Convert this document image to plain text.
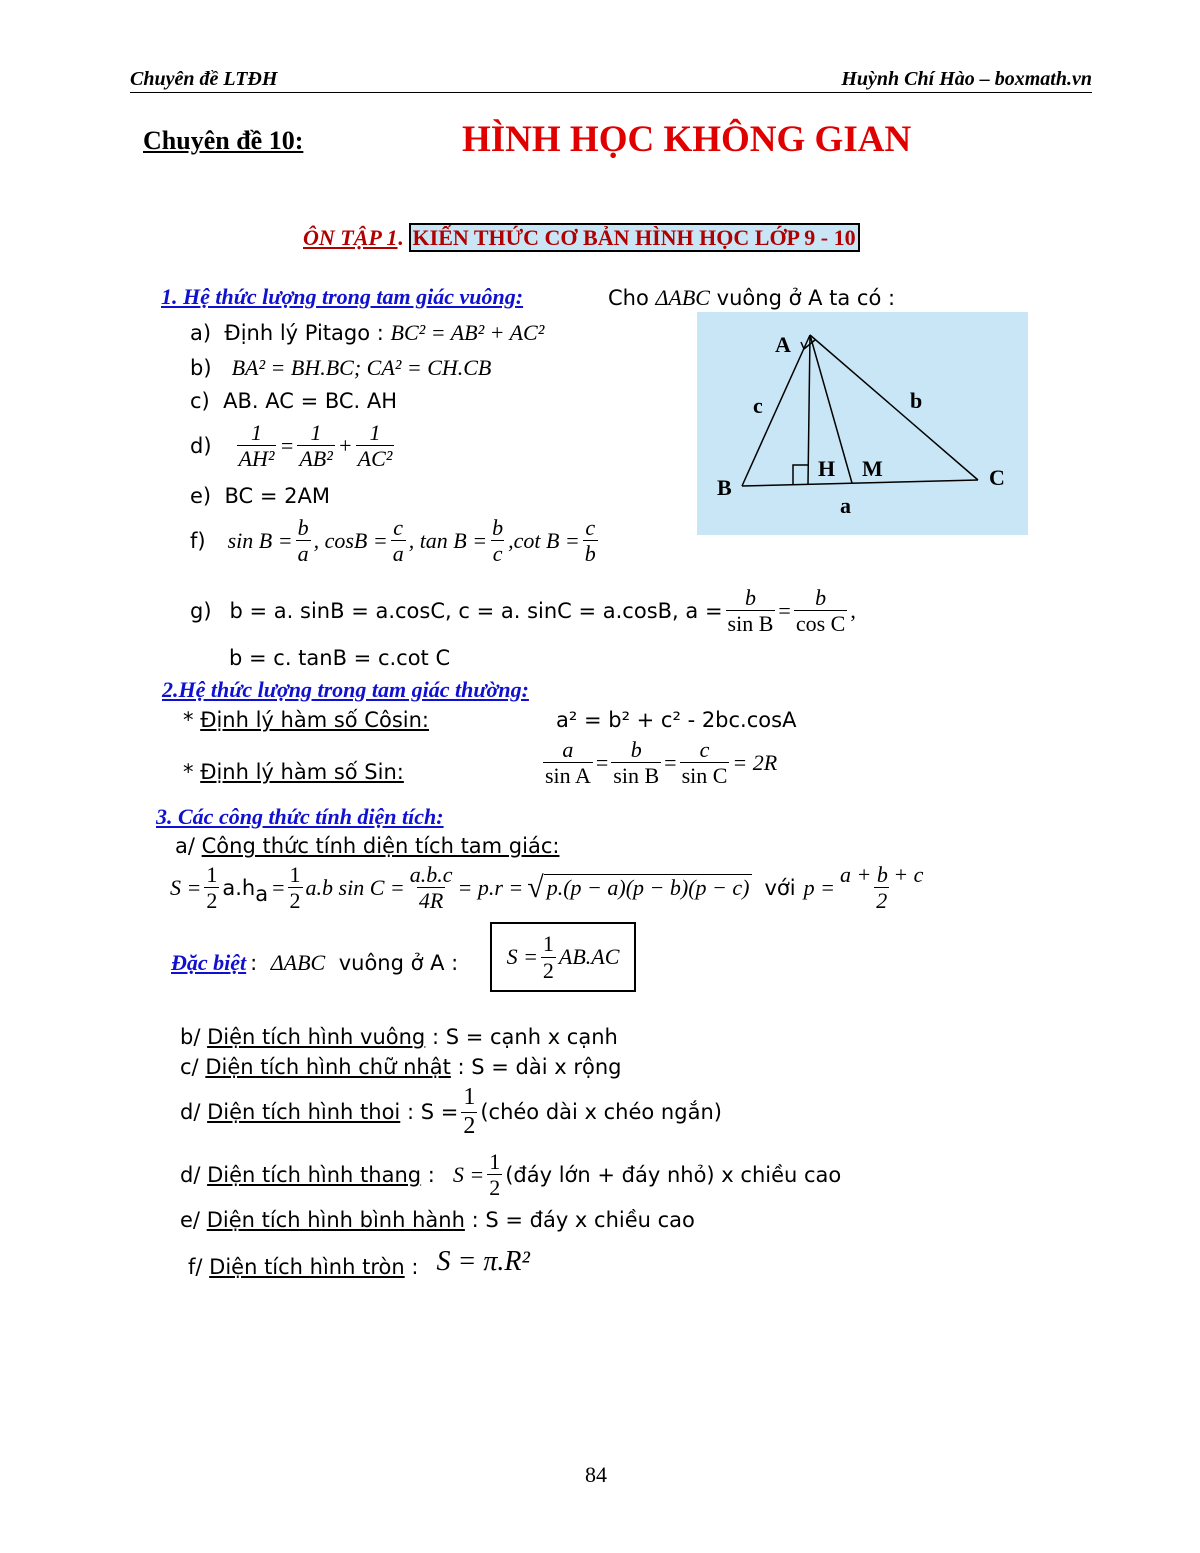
Chuyên đề LTĐH	Huỳnh Chí Hào – boxmath.vn
Chuyên đề 10:	HÌNH HỌC KHÔNG GIAN
ÔN TẬP 1. KIẾN THỨC CƠ BẢN HÌNH HỌC LỚP 9 - 10
1. Hệ thức lượng trong tam giác vuông:	Cho ΔABC vuông ở A ta có :
A
B	C
H M
a
b
c
a) Định lý Pitago : BC² = AB² + AC²
b) BA² = BH.BC; CA² = CH.CB
c) AB. AC = BC. AH
$d) \frac{1}{\text{AH²}} = \frac{1}{\text{AB²}} + \frac{1}{\text{AC²}}$
e) BC = 2AM
f) $\sin B = \frac{b}{a}$ , $\cos B = \frac{c}{a}$ , $\tan B = \frac{b}{c} ,\cot$ $B = \frac{c}{b}$
g) b = a. sinB = a.cosC, c = a. sinC = a.cosB, $a = \frac{b}{\text{sin B}} = \frac{b}{\text{cos C}}$ ,
b = c. tanB = c.cot C
2.Hệ thức lượng trong tam giác thường:
* Định lý hàm số Côsin:	a² = b² + c² - 2bc.cosA
* Định lý hàm số Sin:	$\frac{a}{\text{sin A}} = \frac{b}{\text{sin B}} = \frac{c}{\text{sin C}} = 2R$
3. Các công thức tính diện tích:
a/ Công thức tính diện tích tam giác:
$S = \frac{1}{2} a.h$ $a = \frac{1}{2} a.b$ $\sin C = \frac{a.b.c}{4R} = p.r$ = √ p.(p − a)(p − b)(p − c) với $p = \frac{a + b + c}{2}$
Đặc biệt : ΔABC vuông ở A : $S = \frac{1}{2} AB.AC$
b/ Diện tích hình vuông : S = cạnh x cạnh
c/ Diện tích hình chữ nhật : S = dài x rộng
d/
Diện tích hình thoi
: $S = \frac{1}{2}$ (chéo dài x chéo ngắn)
d/
Diện tích hình thang
: $S = \frac{1}{2}$ (đáy lớn + đáy nhỏ) x chiều cao
e/ Diện tích hình bình hành : S = đáy x chiều cao
f/
Diện tích hình tròn
: S = π.R²
84
